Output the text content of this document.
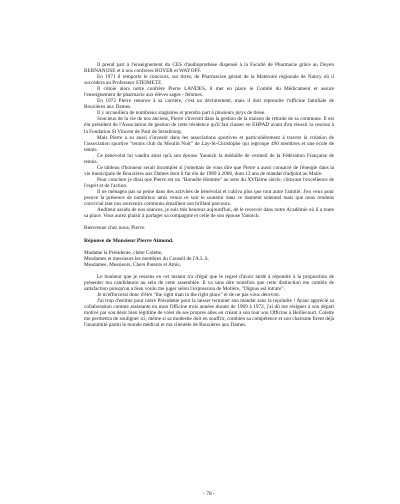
Il prend part à l'enseignement du CES d'audioprothèse dispensé à la Faculté de Pharmacie grâce au Doyen BERNANOSE et à nos confrères BOYER et WAYOFF.

En 1971 il remporte le concours, sur titres, de Pharmacien gérant de la Maternité régionale de Nancy où il succèdera au Professeur STEIMETZ.

Il côtoie alors notre confrère Pierre LANDES, il met en place le Comité du Médicament et assure l'enseignement de pharmacie aux élèves sages - femmes.

En 1972 Pierre renonce à sa carrière, c'est un déchirement, mais il doit reprendre l'officine familiale de Bouxières aux Dames.

Il y accueillera de nombreux stagiaires et prendra part à plusieurs jurys de thèse.

Soucieux de la vie de nos anciens, Pierre s'investit dans la gestion de la maison de retraite de sa commune. Il est élu président de l'Association de gestion de cette résidence qu'il fait classer en EHPAD avant d'en réussir la cession à la Fondation St Vincent de Paul de Strasbourg.

Mais Pierre a su aussi s'investir dans les associations sportives et particulièrement à travers la création de l'association sportive "tennis club du Moulin Noir" de Lay-St-Christophe qui regroupe 490 membres et une école de tennis.

Ce bénévolat lui vaudra ainsi qu'à son épouse Yannick la médaille de vermeil de la Fédération Française de tennis.

Ce tableau d'honneur serait incomplet si j'omettais de vous dire que Pierre a aussi consacré de l'énergie dans la vie municipale de Bouxières aux Dames dont il fut élu de 1989 à 2008, dont 13 ans de mandat d'adjoint au Maire.

Pour conclure je dirai que Pierre est un "Honnête Homme" au sens du XVIIème siècle, côtoyant l'excellence de l'esprit et de l'action.

Il ne ménagea pas sa peine dans des activités de bénévolat et cultiva plus que tout autre l'amitié. J'en veux pour preuve la présence de nombreux amis venus ce soir le soutenir dans ce moment solennel mais que nous rendons convivial tant nos souvenirs communs émaillent son brillant parcours.

Auditeur assidu de nos séances, je suis très heureux aujourd'hui, de le recevoir dans notre Académie où il a toute sa place. Vous aurez plaisir à partager sa compagnie et celle de son épouse Yannick.

Bienvenue chez nous, Pierre.

Réponse de Monsieur Pierre Aimond.

Madame la Présidente, chère Colette,

Mesdames et messieurs les membres du Conseil de l'A.L.S.

Mesdames, Messieurs, Chers Parents et Amis,

Le bonheur que je ressens en cet instant n'a d'égal que le regret d'avoir tardé à répondre à la proposition de présenter ma candidature au sein de cette assemblée. Il va sans dire toutefois que cette distinction me comble de satisfaction puisqu'on a bien voulu me juger selon l'expression de Molière, "Dignus est intrare".

Je m'efforcerai donc d'être "the right man in the right place" et de ne pas vous décevoir.

J'ai trop d'estime pour notre Présidente pour la laisser terminer son mandat sans la rejoindre ! Ayant apprécié sa collaboration comme assistante en mon Officine trois années durant de 1969 à 1972, j'ai dû me résigner à son départ motivé par son désir bien légitime de voler de ses propres ailes en créant à son tour son Officine à Heillecourt. Colette me permettra de souligner ici, même si sa modestie doit en souffrir, combien sa compétence et son charisme firent déjà l'unanimité parmi le monde médical et ma clientèle de Bouxières aux Dames.

- 78 -
